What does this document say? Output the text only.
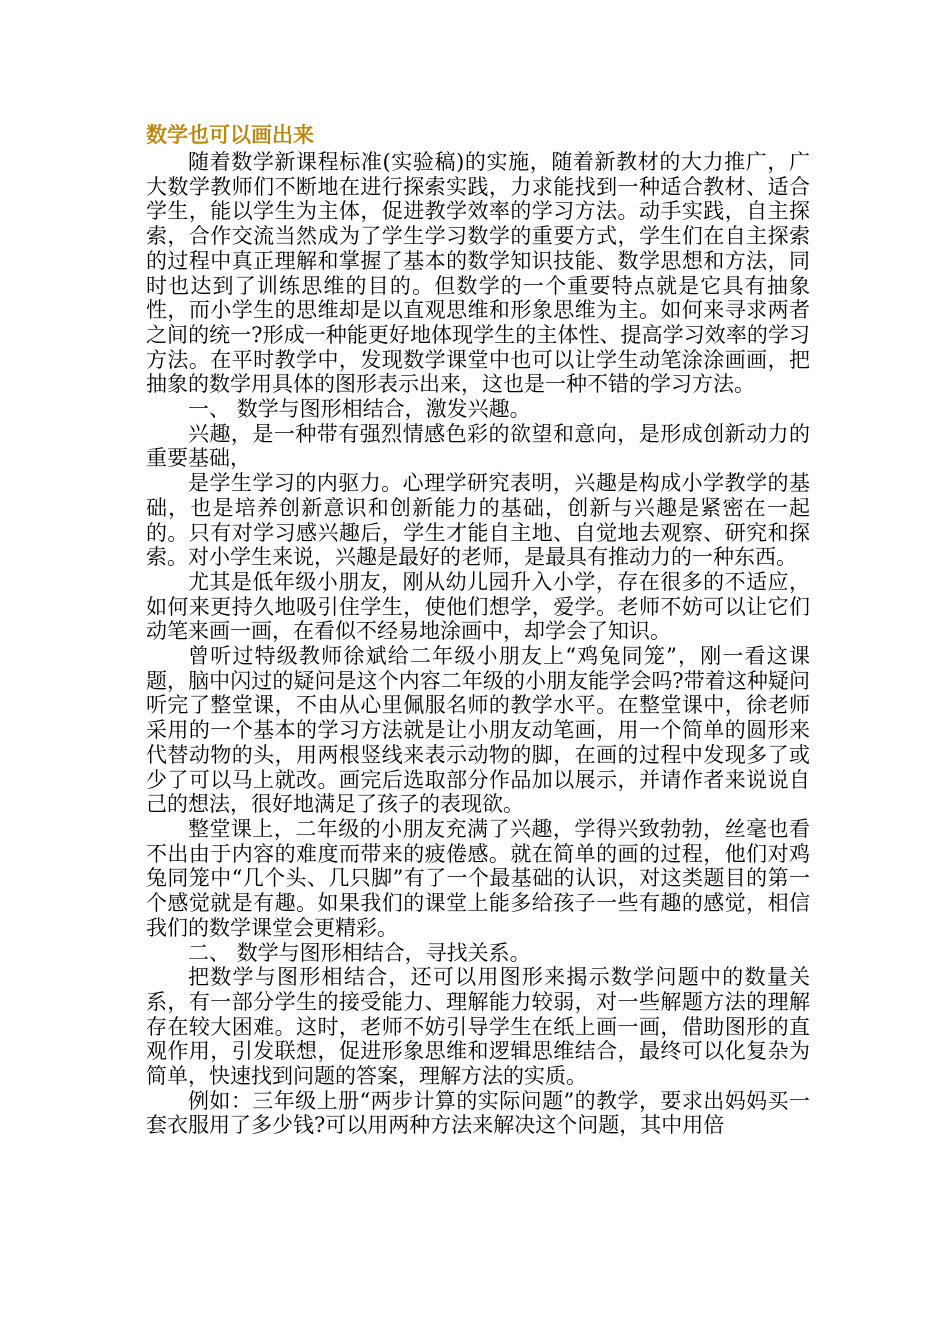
数学也可以画出来

随着数学新课程标准(实验稿)的实施，随着新教材的大力推广，广大数学教师们不断地在进行探索实践，力求能找到一种适合教材、适合学生，能以学生为主体，促进教学效率的学习方法。动手实践，自主探索，合作交流当然成为了学生学习数学的重要方式，学生们在自主探索的过程中真正理解和掌握了基本的数学知识技能、数学思想和方法，同时也达到了训练思维的目的。但数学的一个重要特点就是它具有抽象性，而小学生的思维却是以直观思维和形象思维为主。如何来寻求两者之间的统一?形成一种能更好地体现学生的主体性、提高学习效率的学习方法。在平时教学中，发现数学课堂中也可以让学生动笔涂涂画画，把抽象的数学用具体的图形表示出来，这也是一种不错的学习方法。

一、 数学与图形相结合，激发兴趣。

兴趣，是一种带有强烈情感色彩的欲望和意向，是形成创新动力的重要基础，

是学生学习的内驱力。心理学研究表明，兴趣是构成小学教学的基础，也是培养创新意识和创新能力的基础，创新与兴趣是紧密在一起的。只有对学习感兴趣后，学生才能自主地、自觉地去观察、研究和探索。对小学生来说，兴趣是最好的老师，是最具有推动力的一种东西。

尤其是低年级小朋友，刚从幼儿园升入小学，存在很多的不适应，如何来更持久地吸引住学生，使他们想学，爱学。老师不妨可以让它们动笔来画一画，在看似不经易地涂画中，却学会了知识。

曾听过特级教师徐斌给二年级小朋友上“鸡兔同笼”，刚一看这课题，脑中闪过的疑问是这个内容二年级的小朋友能学会吗?带着这种疑问听完了整堂课，不由从心里佩服名师的教学水平。在整堂课中，徐老师采用的一个基本的学习方法就是让小朋友动笔画，用一个简单的圆形来代替动物的头，用两根竖线来表示动物的脚，在画的过程中发现多了或少了可以马上就改。画完后选取部分作品加以展示，并请作者来说说自己的想法，很好地满足了孩子的表现欲。

整堂课上，二年级的小朋友充满了兴趣，学得兴致勃勃，丝毫也看不出由于内容的难度而带来的疲倦感。就在简单的画的过程，他们对鸡兔同笼中“几个头、几只脚”有了一个最基础的认识，对这类题目的第一个感觉就是有趣。如果我们的课堂上能多给孩子一些有趣的感觉，相信我们的数学课堂会更精彩。

二、 数学与图形相结合，寻找关系。

把数学与图形相结合，还可以用图形来揭示数学问题中的数量关系，有一部分学生的接受能力、理解能力较弱，对一些解题方法的理解存在较大困难。这时，老师不妨引导学生在纸上画一画，借助图形的直观作用，引发联想，促进形象思维和逻辑思维结合，最终可以化复杂为简单，快速找到问题的答案，理解方法的实质。

例如：三年级上册“两步计算的实际问题”的教学，要求出妈妈买一套衣服用了多少钱?可以用两种方法来解决这个问题，其中用倍
